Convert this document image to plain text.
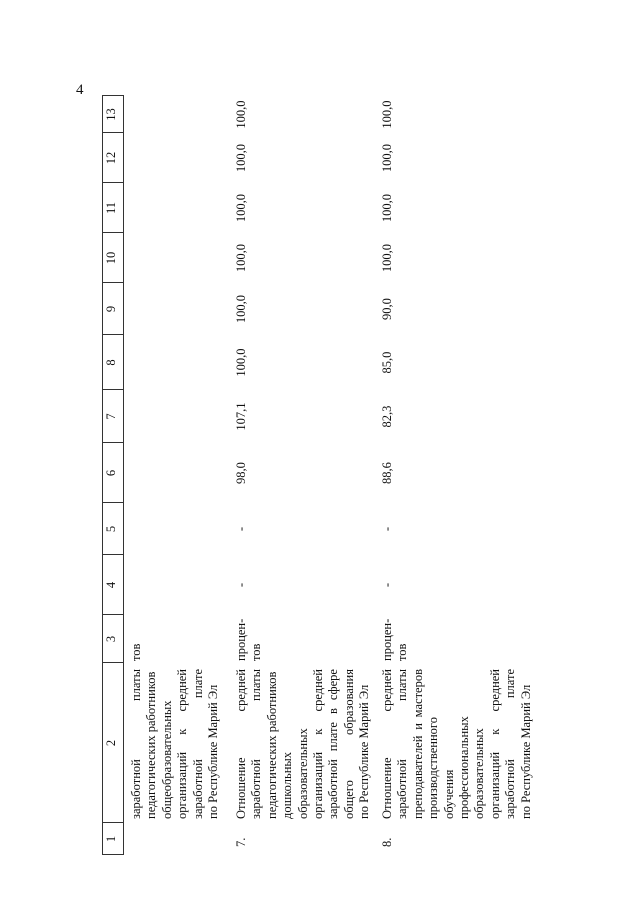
4
1
2
3
4
5
6
7
8
9
10
11
12
13
заработной платы педагогических работников общеобразовательных организаций к средней заработной плате по Республике Марий Эл
тов
7.
Отношение средней заработной платы педагогических работников дошкольных образовательных организаций к средней заработной плате в сфере общего образования по Республике Марий Эл
процен- тов
-
-
98,0
107,1
100,0
100,0
100,0
100,0
100,0
100,0
8.
Отношение средней заработной платы преподавателей и мастеров производственного обучения профессиональных образовательных организаций к средней заработной плате по Республике Марий Эл
процен- тов
-
-
88,6
82,3
85,0
90,0
100,0
100,0
100,0
100,0
